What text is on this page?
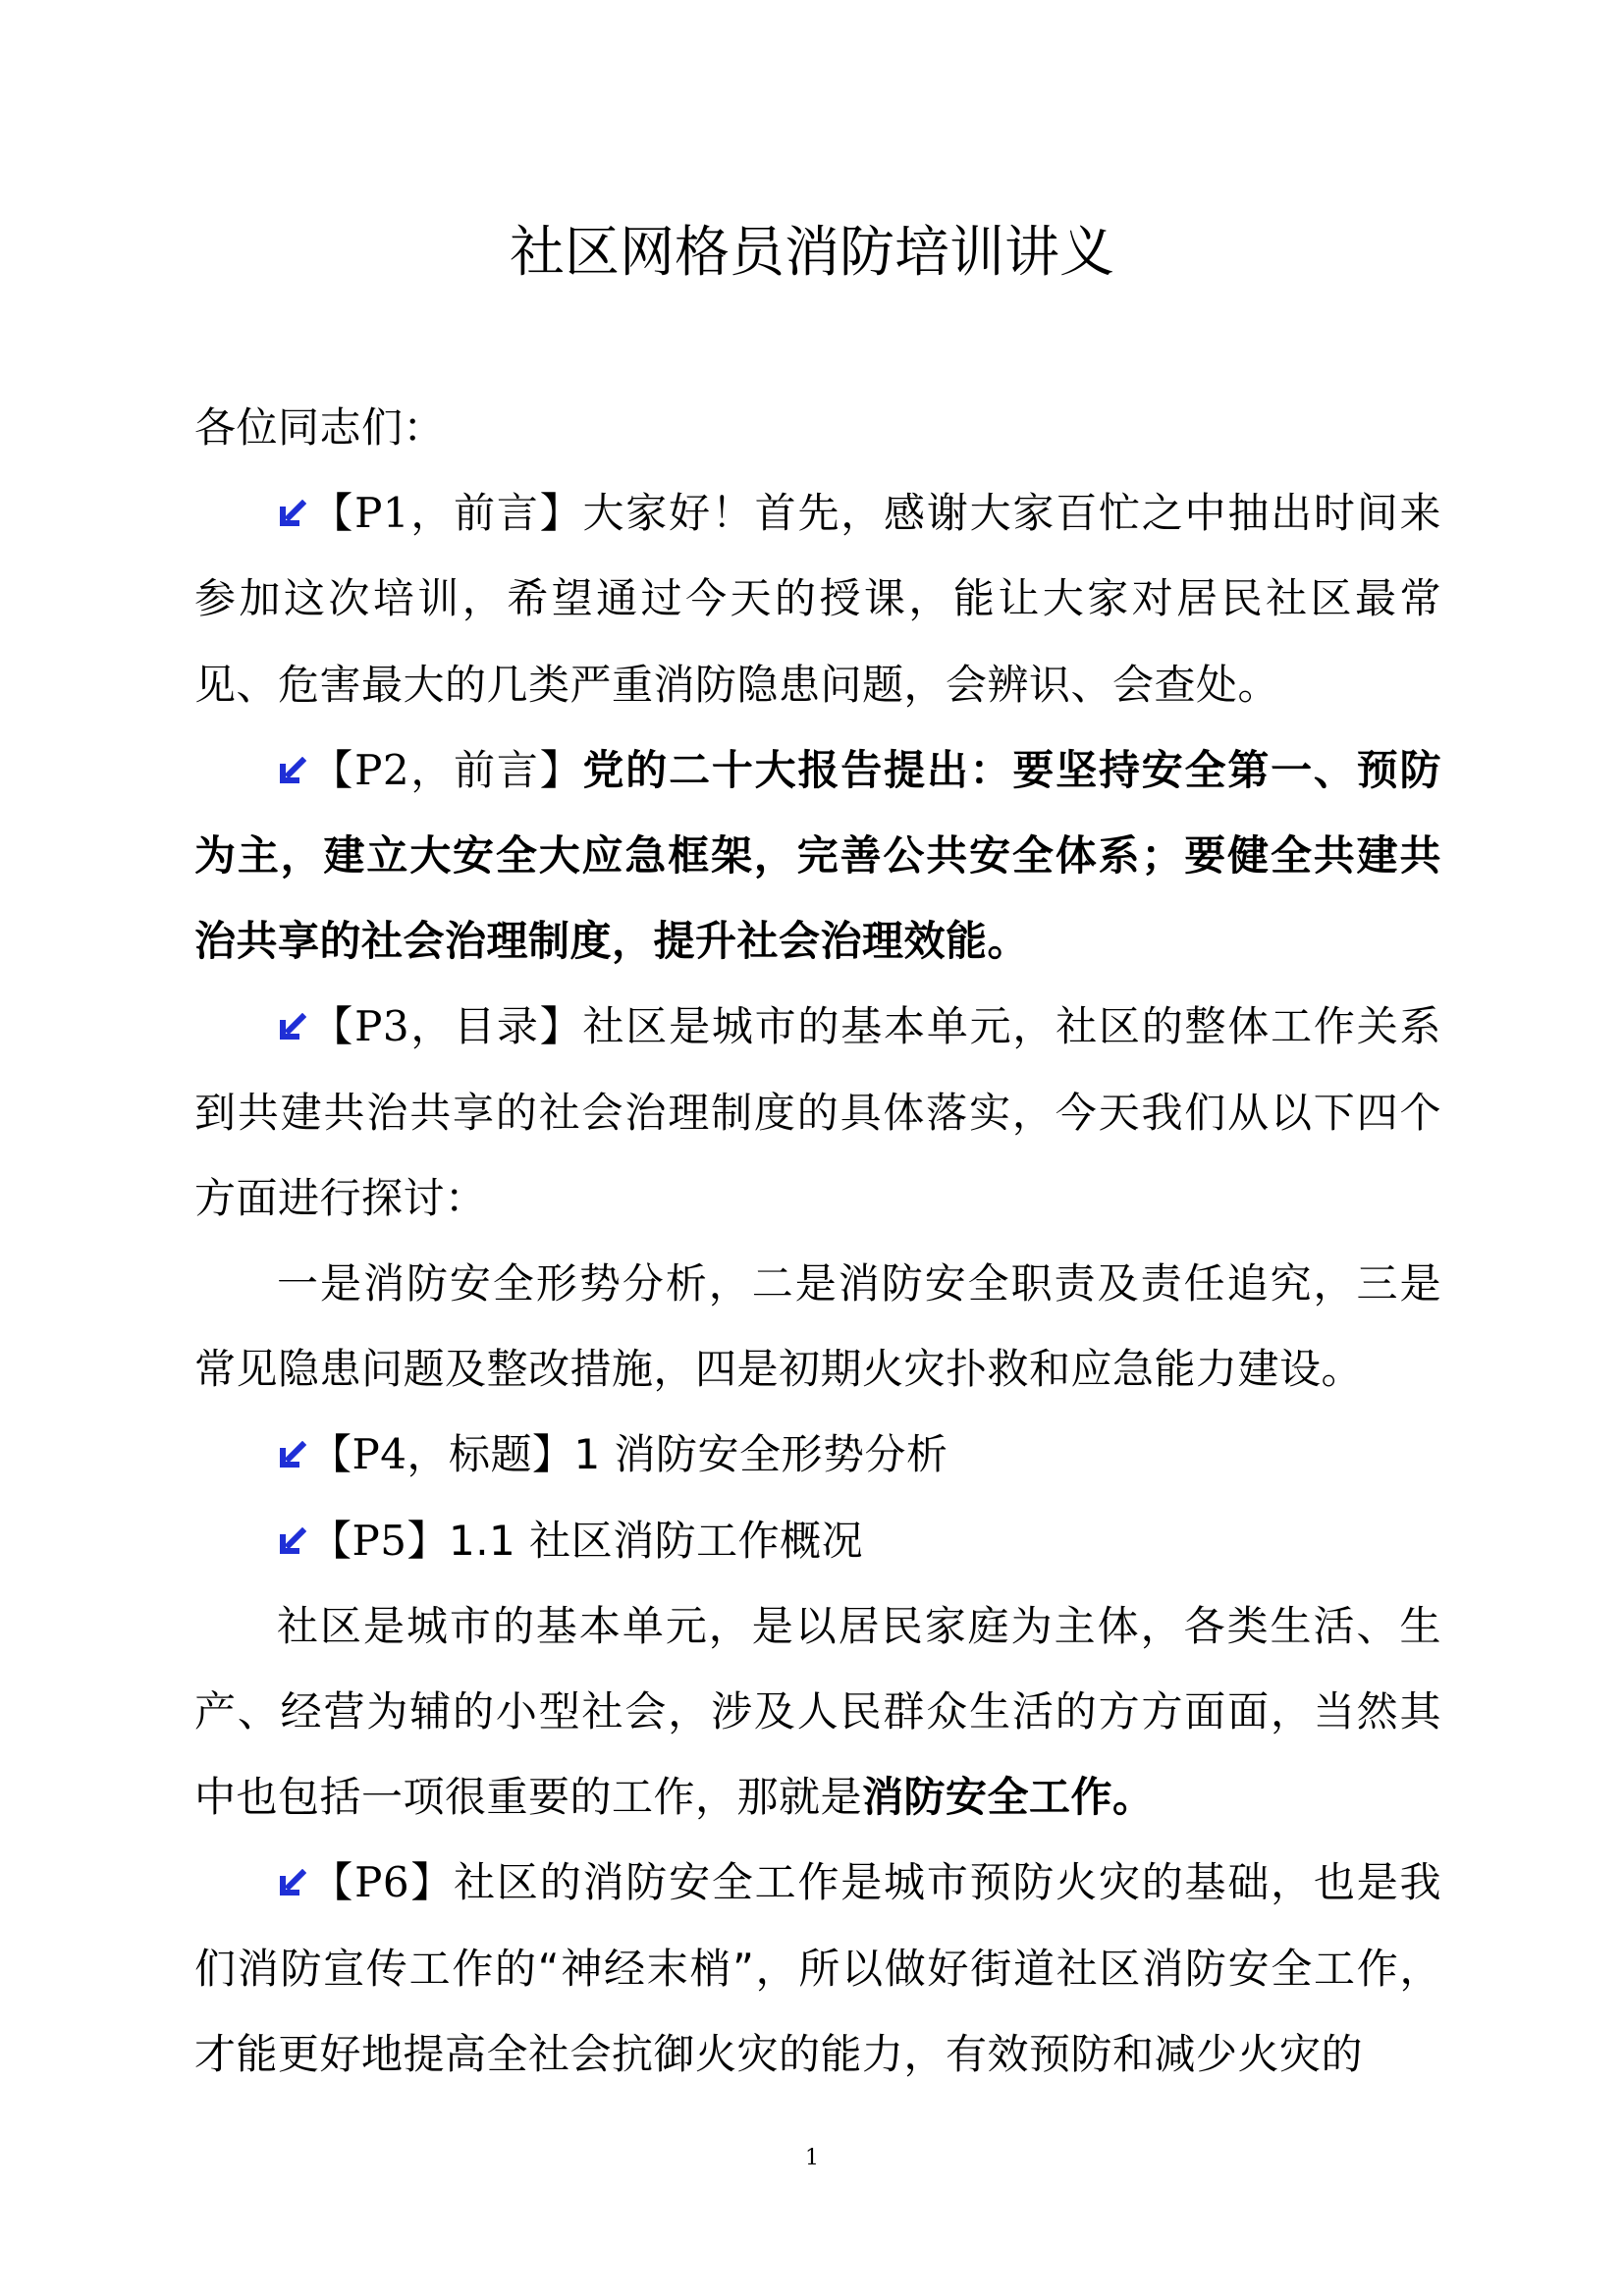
社区网格员消防培训讲义

各位同志们：

【P1，前言】大家好！首先，感谢大家百忙之中抽出时间来参加这次培训，希望通过今天的授课，能让大家对居民社区最常见、危害最大的几类严重消防隐患问题，会辨识、会查处。

【P2，前言】党的二十大报告提出：要坚持安全第一、预防为主，建立大安全大应急框架，完善公共安全体系；要健全共建共治共享的社会治理制度，提升社会治理效能。

【P3，目录】社区是城市的基本单元，社区的整体工作关系到共建共治共享的社会治理制度的具体落实，今天我们从以下四个方面进行探讨：

一是消防安全形势分析，二是消防安全职责及责任追究，三是常见隐患问题及整改措施，四是初期火灾扑救和应急能力建设。

【P4，标题】1 消防安全形势分析

【P5】1.1 社区消防工作概况

社区是城市的基本单元，是以居民家庭为主体，各类生活、生产、经营为辅的小型社会，涉及人民群众生活的方方面面，当然其中也包括一项很重要的工作，那就是消防安全工作。

【P6】社区的消防安全工作是城市预防火灾的基础，也是我们消防宣传工作的“神经末梢”，所以做好街道社区消防安全工作，才能更好地提高全社会抗御火灾的能力，有效预防和减少火灾的

1
